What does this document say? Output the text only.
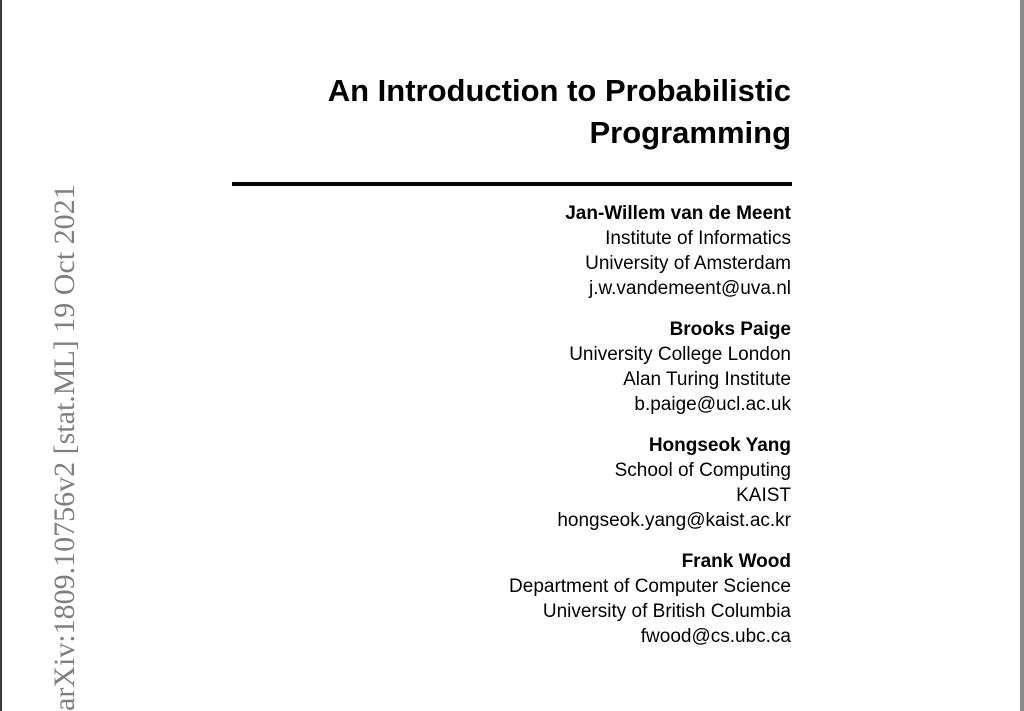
arXiv:1809.10756v2 [stat.ML] 19 Oct 2021
An Introduction to Probabilistic
Programming
Jan-Willem van de Meent
Institute of Informatics
University of Amsterdam
j.w.vandemeent@uva.nl
Brooks Paige
University College London
Alan Turing Institute
b.paige@ucl.ac.uk
Hongseok Yang
School of Computing
KAIST
hongseok.yang@kaist.ac.kr
Frank Wood
Department of Computer Science
University of British Columbia
fwood@cs.ubc.ca
